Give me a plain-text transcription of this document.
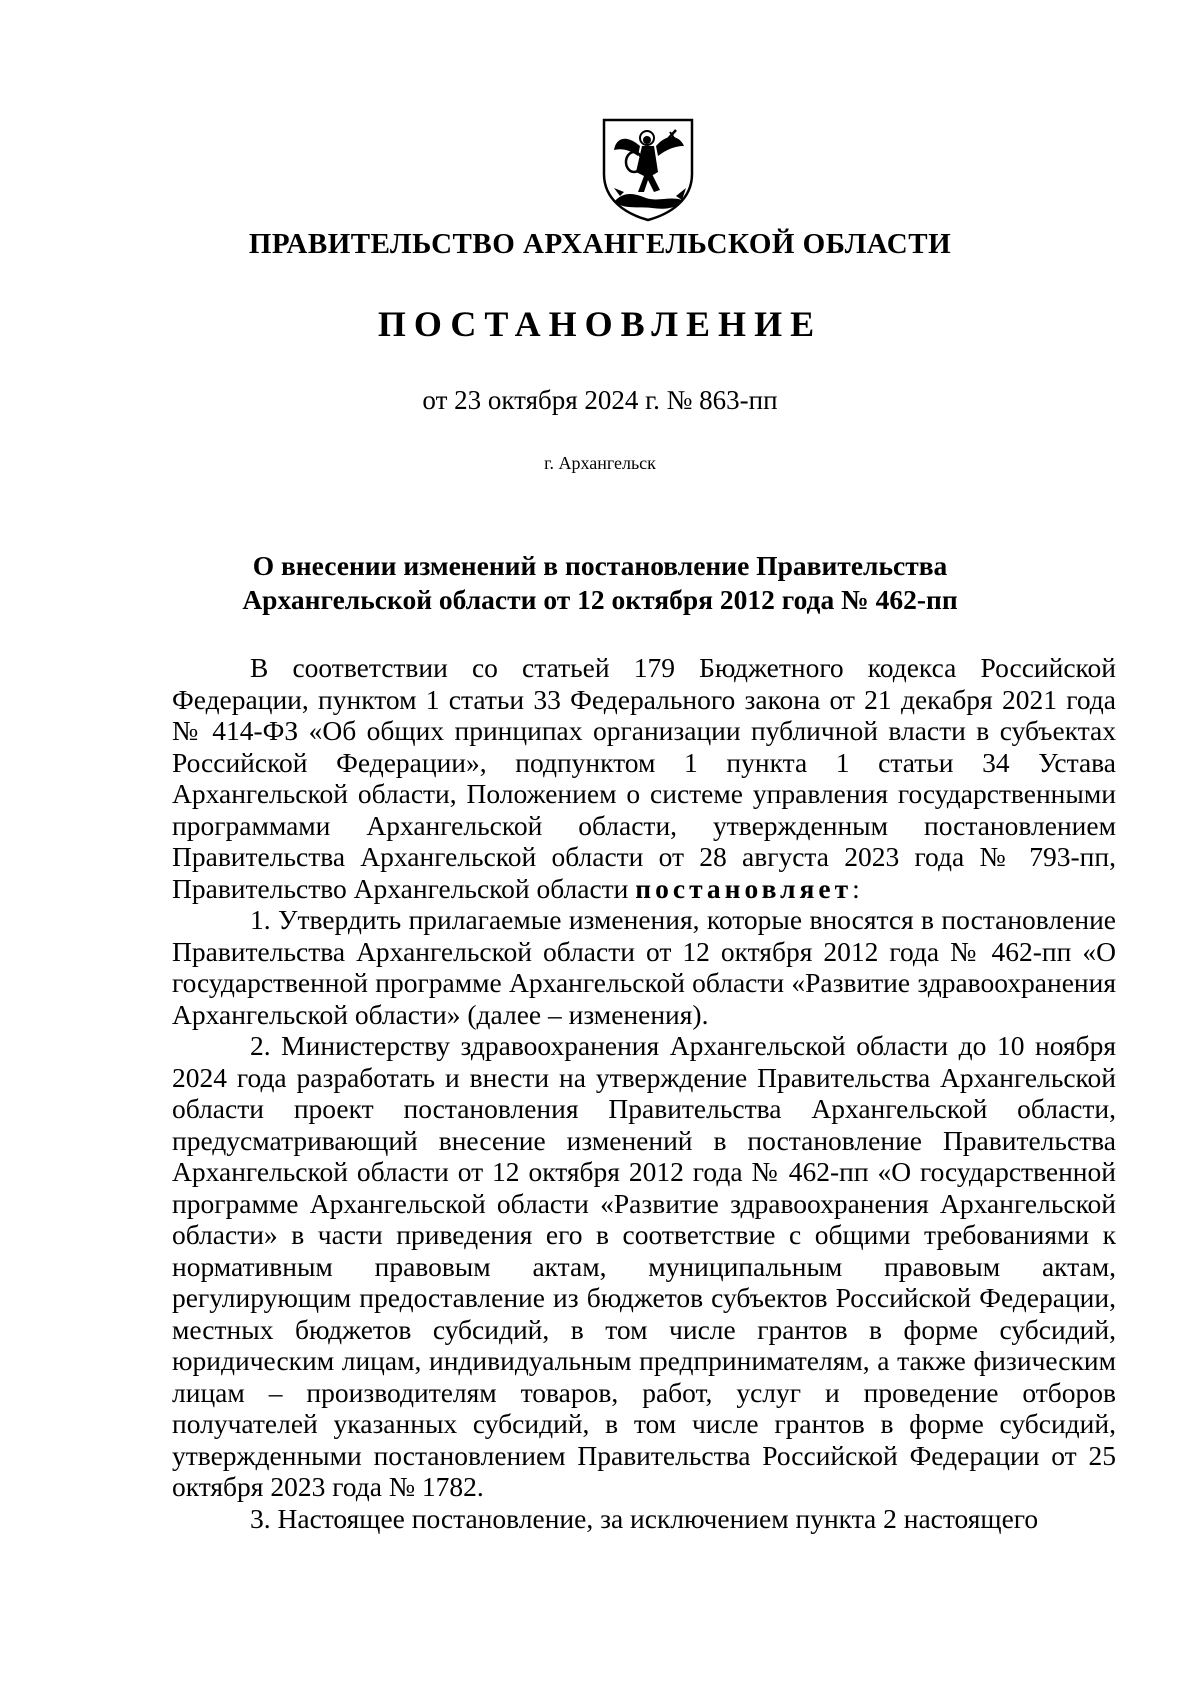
ПРАВИТЕЛЬСТВО АРХАНГЕЛЬСКОЙ ОБЛАСТИ
ПОСТАНОВЛЕНИЕ
от 23 октября 2024 г. № 863-пп
г. Архангельск
О внесении изменений в постановление Правительства
Архангельской области от 12 октября 2012 года № 462-пп

В соответствии со статьей 179 Бюджетного кодекса Российской Федерации, пунктом 1 статьи 33 Федерального закона от 21 декабря 2021 года № 414-ФЗ «Об общих принципах организации публичной власти в субъектах Российской Федерации», подпунктом 1 пункта 1 статьи 34 Устава Архангельской области, Положением о системе управления государственными программами Архангельской области, утвержденным постановлением Правительства Архангельской области от 28 августа 2023 года № 793-пп, Правительство Архангельской области постановляет:

1. Утвердить прилагаемые изменения, которые вносятся в постановление Правительства Архангельской области от 12 октября 2012 года № 462-пп «О государственной программе Архангельской области «Развитие здравоохранения Архангельской области» (далее – изменения).

2. Министерству здравоохранения Архангельской области до 10 ноября 2024 года разработать и внести на утверждение Правительства Архангельской области проект постановления Правительства Архангельской области, предусматривающий внесение изменений в постановление Правительства Архангельской области от 12 октября 2012 года № 462-пп «О государственной программе Архангельской области «Развитие здравоохранения Архангельской области» в части приведения его в соответствие с общими требованиями к нормативным правовым актам, муниципальным правовым актам, регулирующим предоставление из бюджетов субъектов Российской Федерации, местных бюджетов субсидий, в том числе грантов в форме субсидий, юридическим лицам, индивидуальным предпринимателям, а также физическим лицам – производителям товаров, работ, услуг и проведение отборов получателей указанных субсидий, в том числе грантов в форме субсидий, утвержденными постановлением Правительства Российской Федерации от 25 октября 2023 года № 1782.

3. Настоящее постановление, за исключением пункта 2 настоящего
